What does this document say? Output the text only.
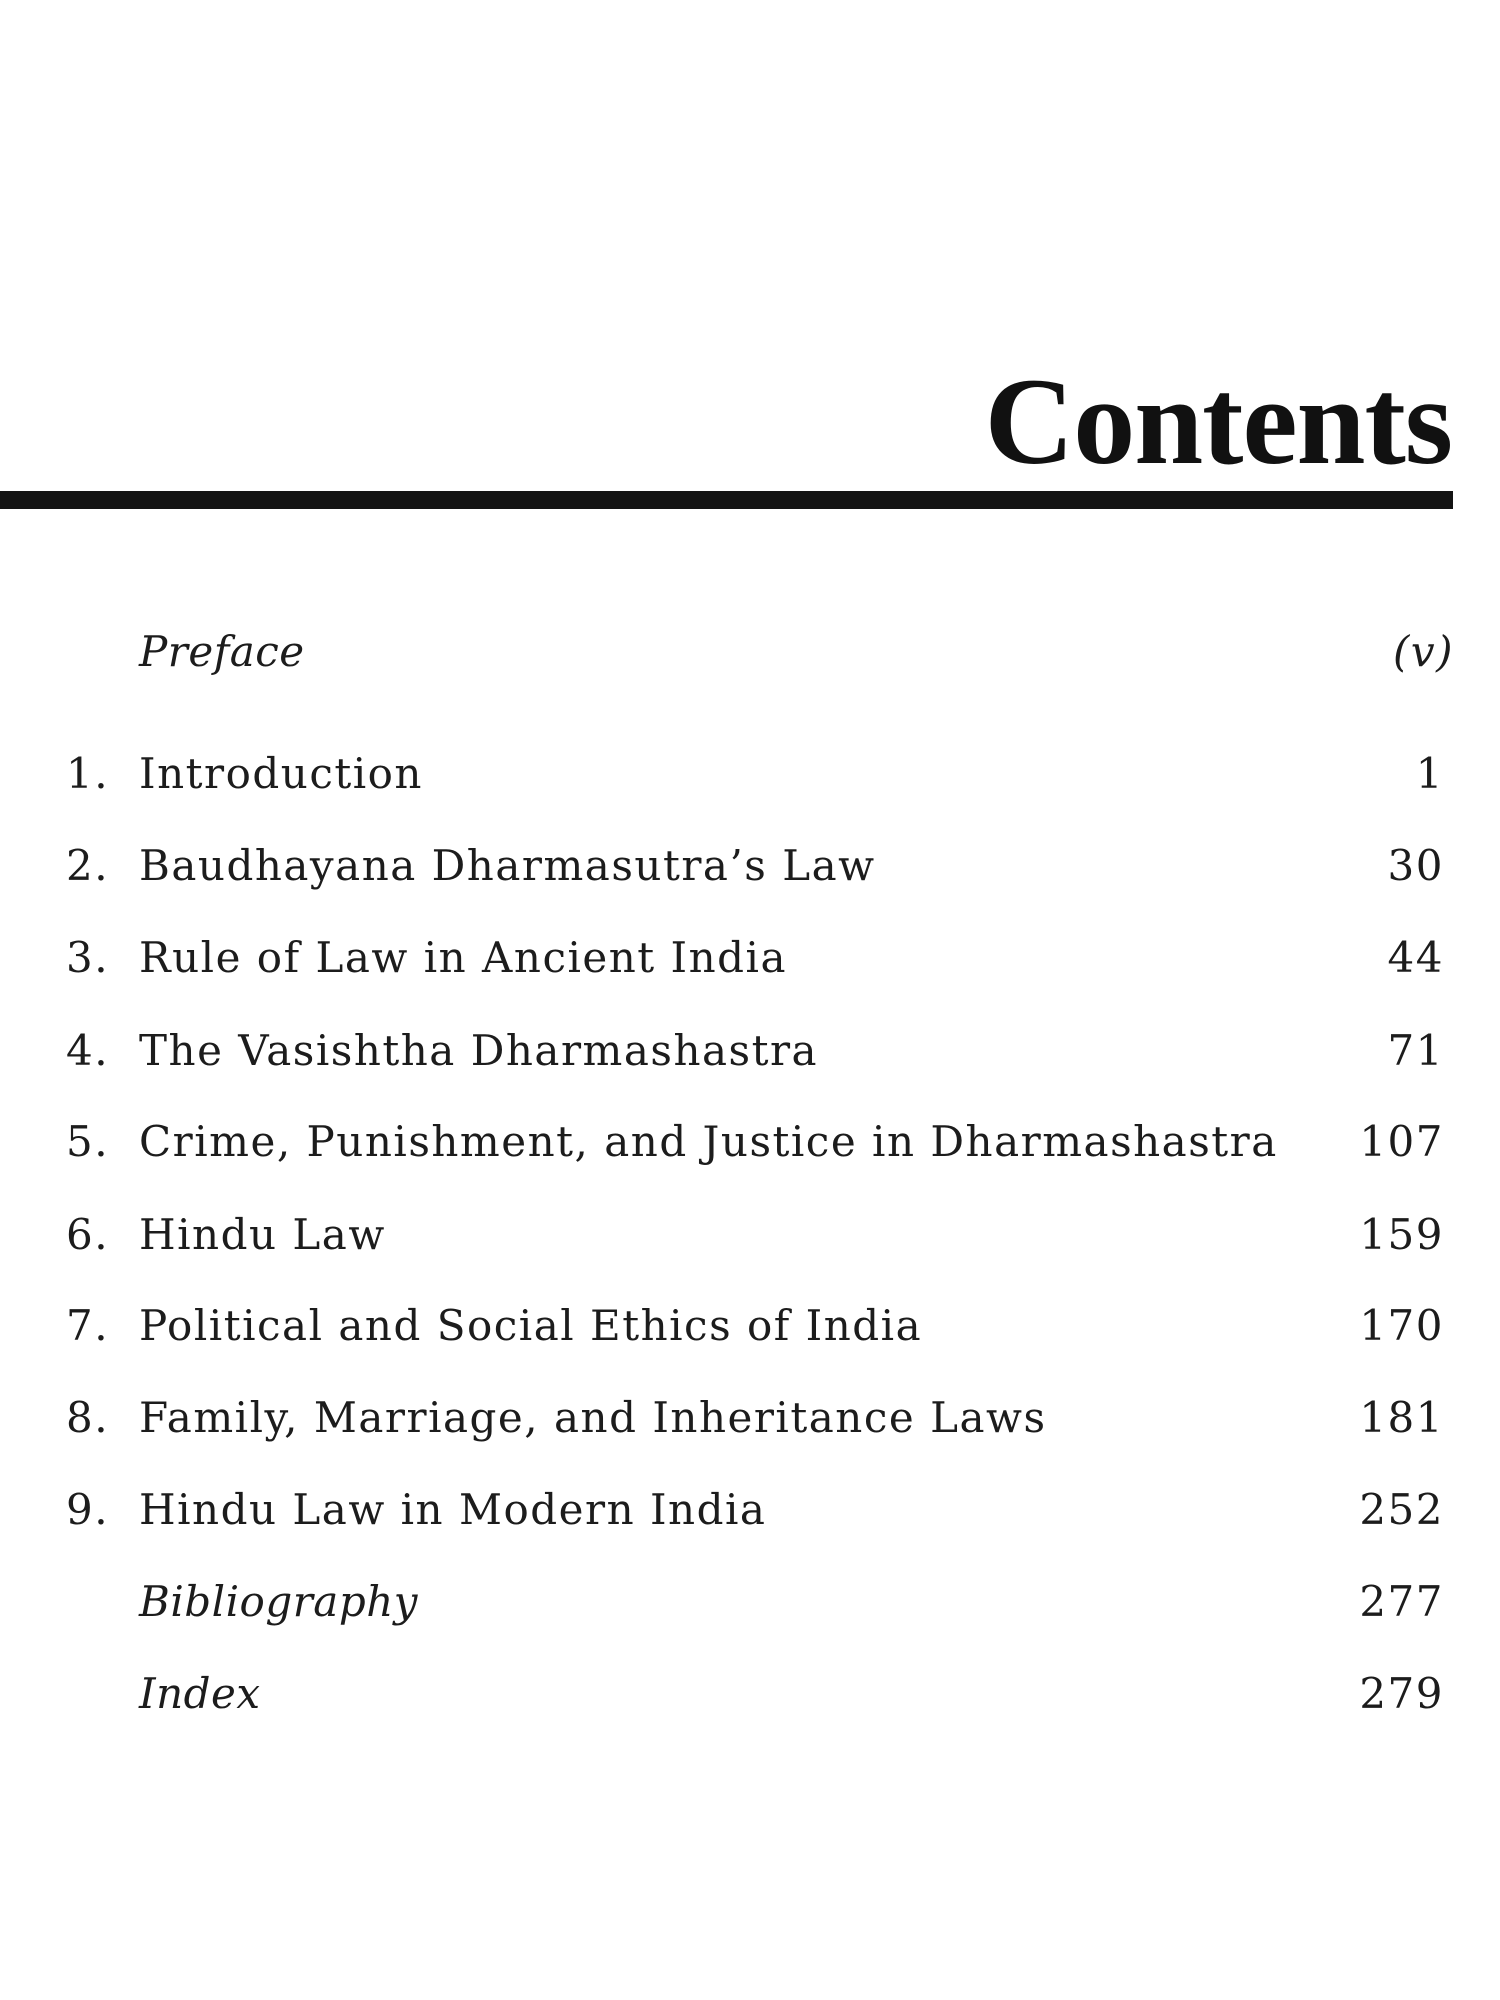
Contents
Preface	(v)
1. Introduction	1
2. Baudhayana Dharmasutra’s Law	30
3. Rule of Law in Ancient India	44
4. The Vasishtha Dharmashastra	71
5. Crime, Punishment, and Justice in Dharmashastra 107
6. Hindu Law	159
7. Political and Social Ethics of India	170
8. Family, Marriage, and Inheritance Laws	181
9. Hindu Law in Modern India	252
Bibliography	277
Index	279
